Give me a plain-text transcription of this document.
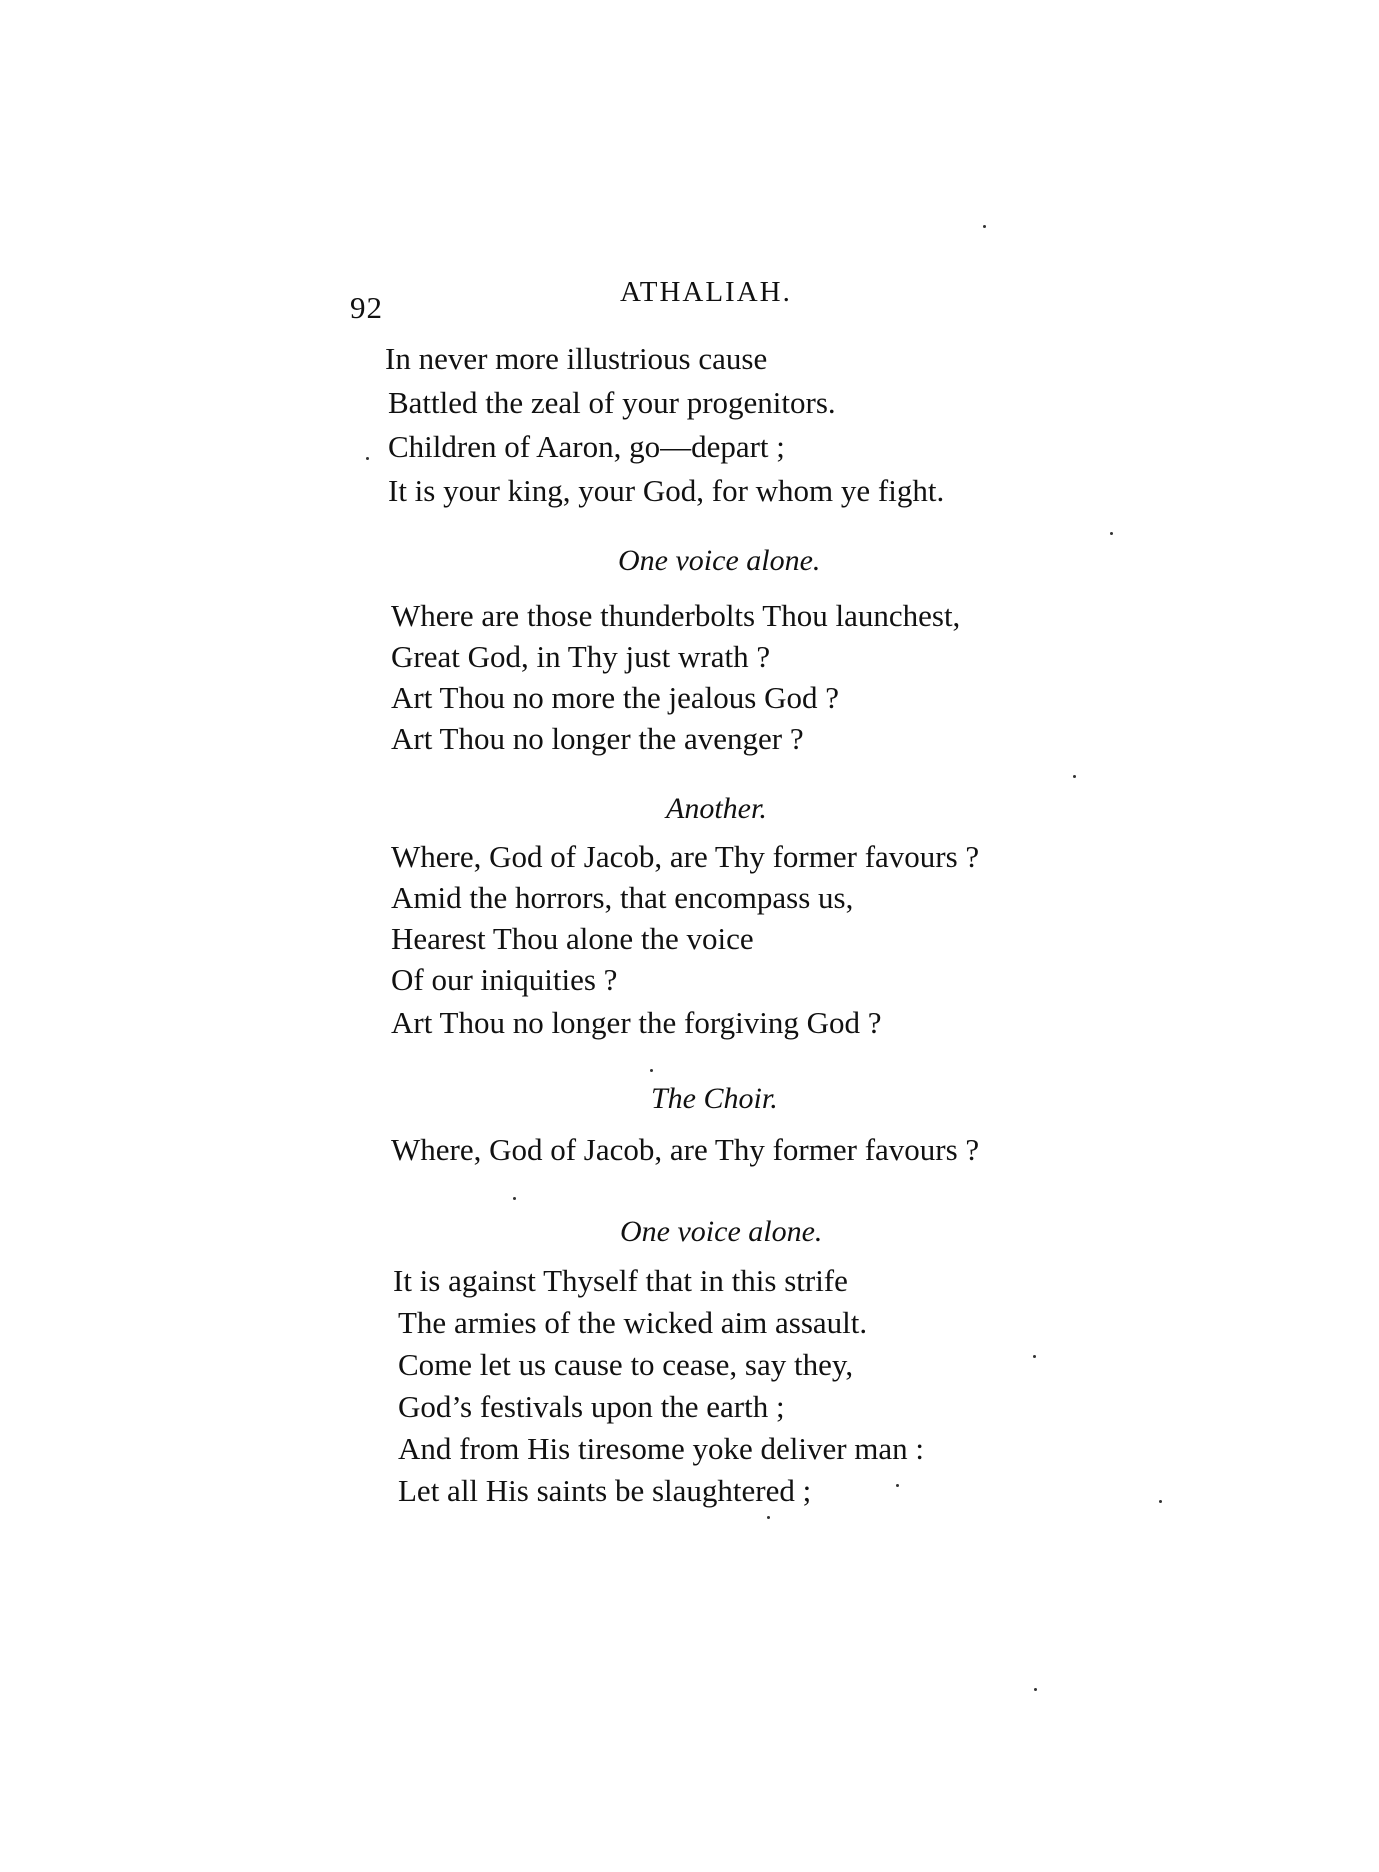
92	ATHALIAH.
In never more illustrious cause
Battled the zeal of your progenitors.
Children of Aaron, go—depart ;
It is your king, your God, for whom ye fight.
One voice alone.
Where are those thunderbolts Thou launchest,
Great God, in Thy just wrath ?
Art Thou no more the jealous God ?
Art Thou no longer the avenger ?
Another.
Where, God of Jacob, are Thy former favours ?
Amid the horrors, that encompass us,
Hearest Thou alone the voice
Of our iniquities ?
Art Thou no longer the forgiving God ?
The Choir.
Where, God of Jacob, are Thy former favours ?
One voice alone.
It is against Thyself that in this strife
The armies of the wicked aim assault.
Come let us cause to cease, say they,
God’s festivals upon the earth ;
And from His tiresome yoke deliver man :
Let all His saints be slaughtered ;
